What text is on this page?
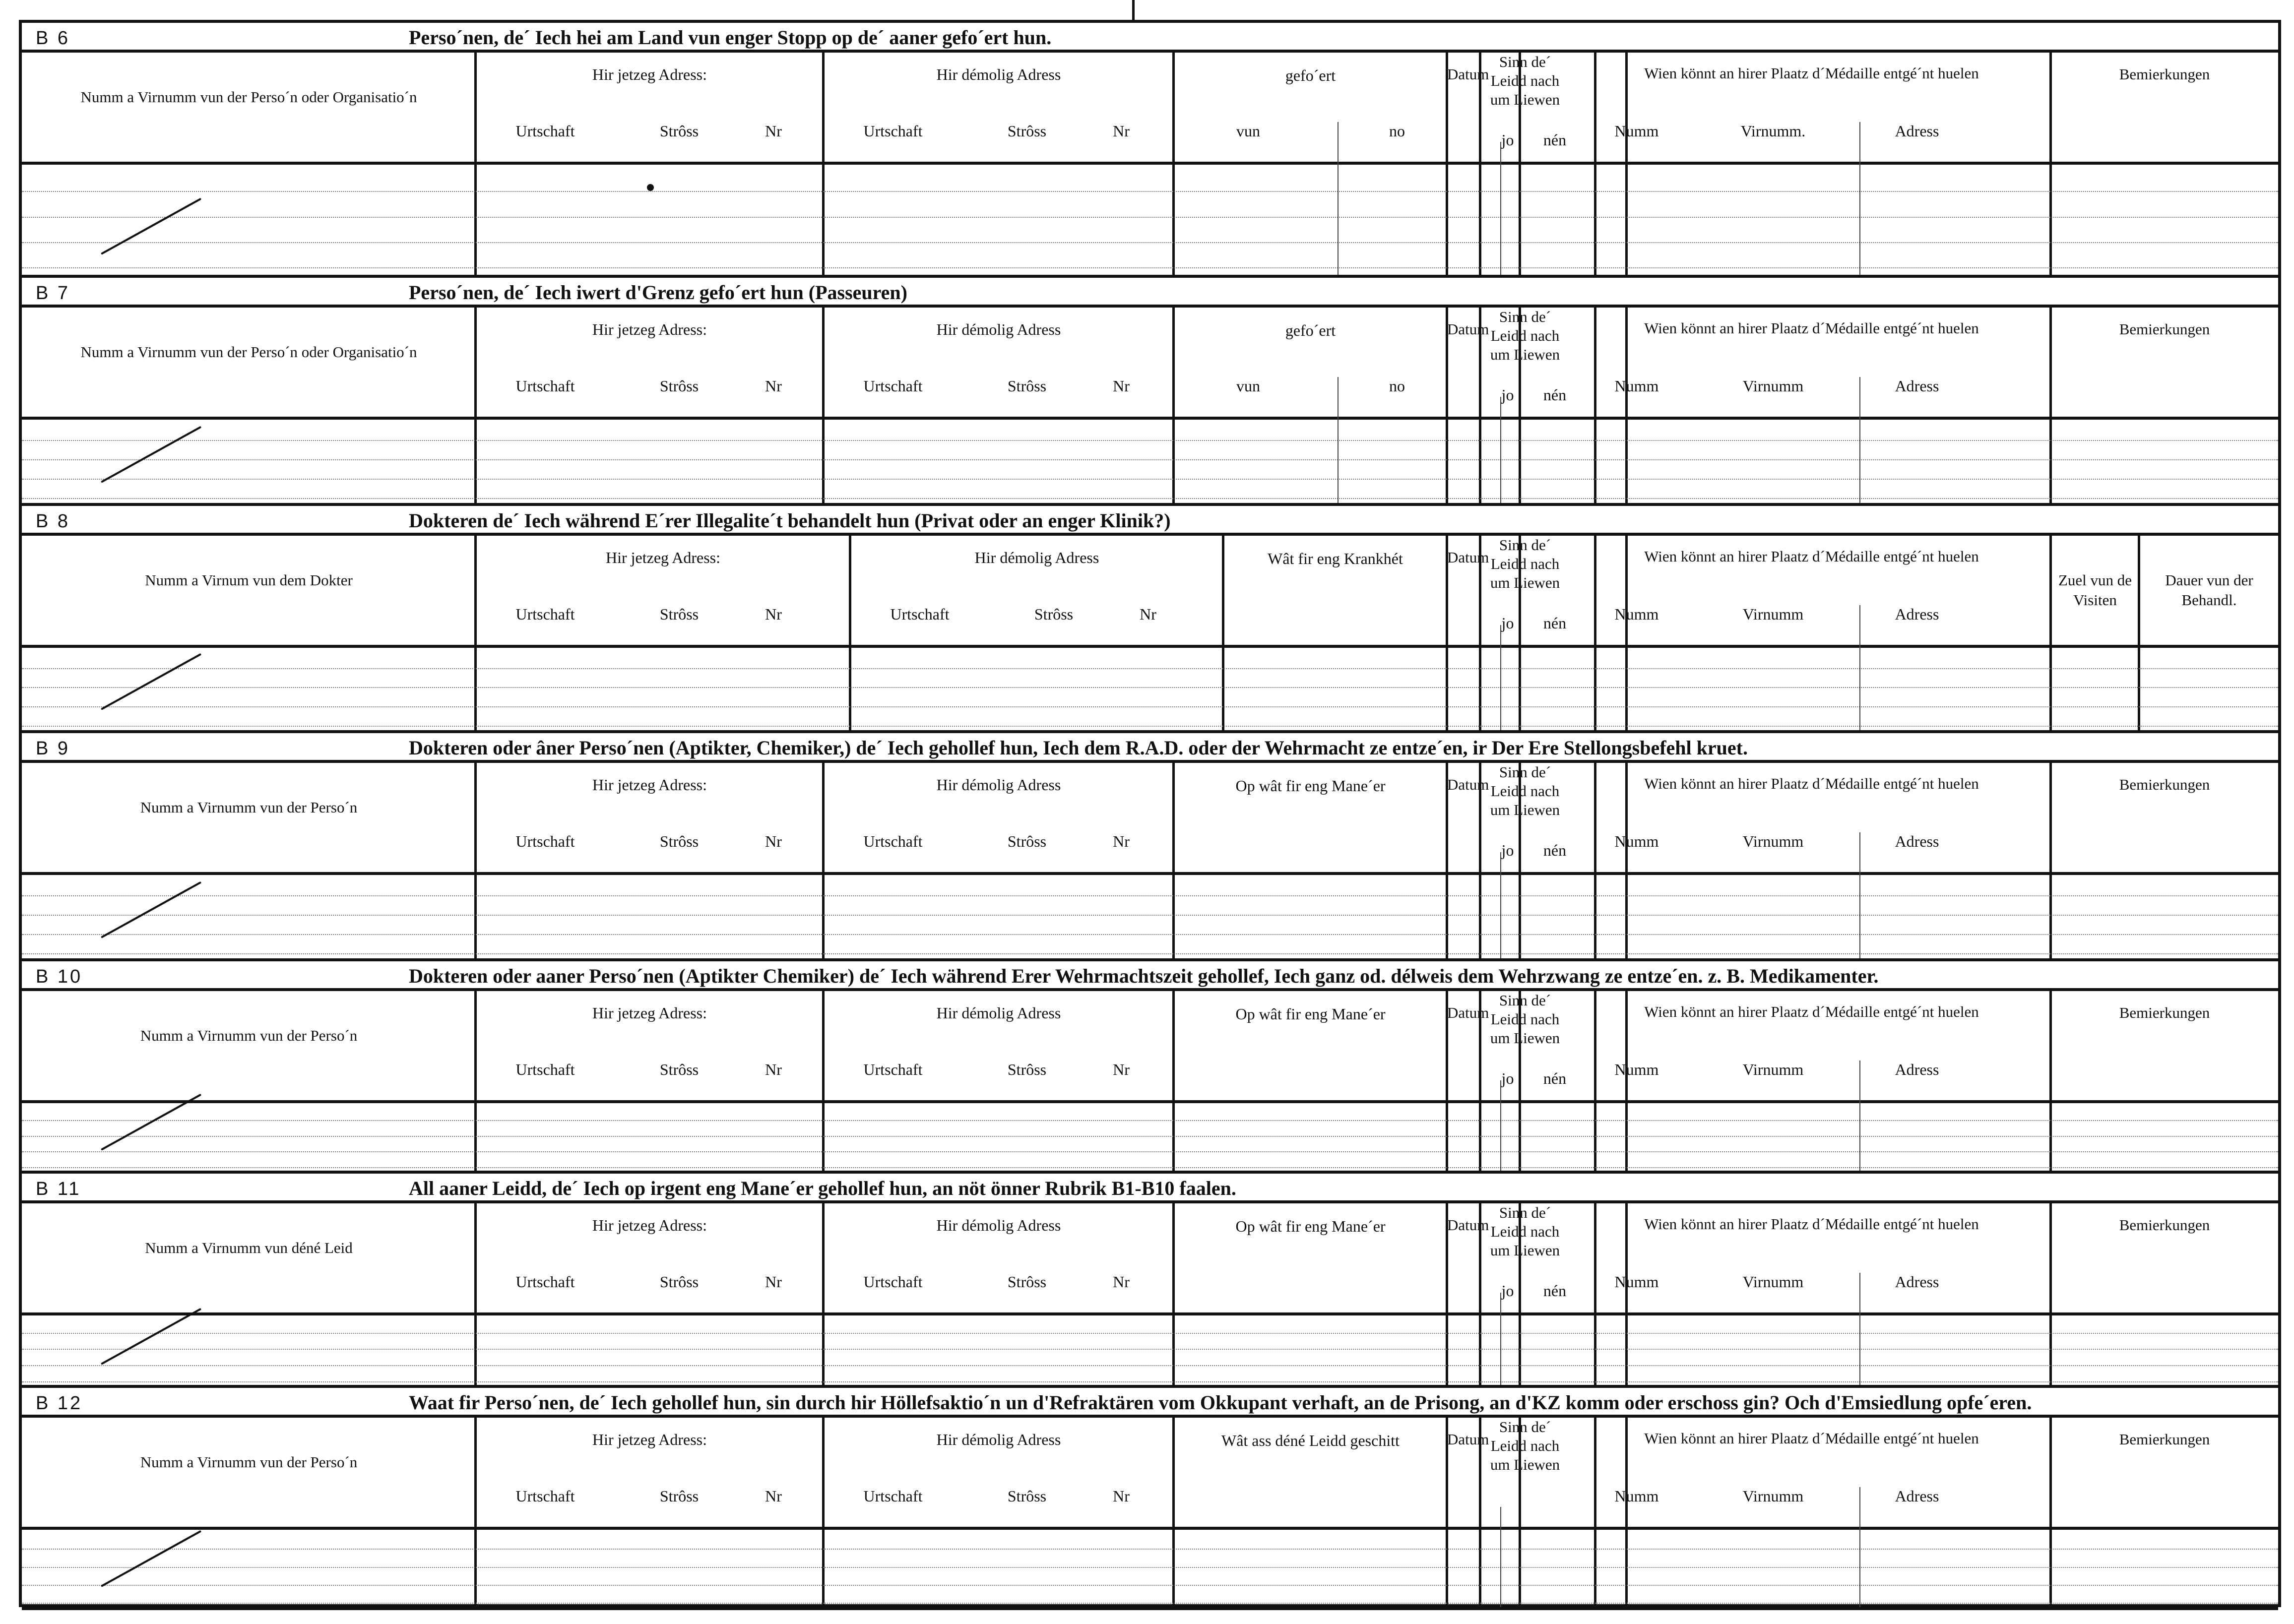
B 6	Perso´nen, de´ Iech hei am Land vun enger Stopp op de´ aaner gefo´ert hun.
Numm a Virnumm vun der Perso´n oder Organisatio´n
Hir jetzeg Adress:
Urtschaft	Strôss	Nr
Hir démolig Adress
Urtschaft	Strôss	Nr
gefo´ert
vun	no
Datum
Sinn de´ Leidd nach um Liewen
jo	nén
Wien könnt an hirer Plaatz d´Médaille entgé´nt huelen
Numm	Virnumm.	Adress
Bemierkungen
B 7	Perso´nen, de´ Iech iwert d'Grenz gefo´ert hun (Passeuren)
Numm a Virnumm vun der Perso´n oder Organisatio´n
Hir jetzeg Adress:
Urtschaft	Strôss	Nr
Hir démolig Adress
Urtschaft	Strôss	Nr
gefo´ert
vun	no
Datum
Sinn de´ Leidd nach um Liewen
jo	nén
Wien könnt an hirer Plaatz d´Médaille entgé´nt huelen
Numm	Virnumm	Adress
Bemierkungen
B 8	Dokteren de´ Iech während E´rer Illegalite´t behandelt hun (Privat oder an enger Klinik?)
Numm a Virnum vun dem Dokter
Hir jetzeg Adress:
Urtschaft	Strôss	Nr
Hir démolig Adress
Urtschaft	Strôss	Nr
Wât fir eng Krankhét	Datum
Sinn de´ Leidd nach um Liewen
jo	nén
Wien könnt an hirer Plaatz d´Médaille entgé´nt huelen
Numm	Virnumm	Adress
Zuel vun de Visiten
Dauer vun der Behandl.
B 9	Dokteren oder âner Perso´nen (Aptikter, Chemiker,) de´ Iech gehollef hun, Iech dem R.A.D. oder der Wehrmacht ze entze´en, ir Der Ere Stellongsbefehl kruet.
Numm a Virnumm vun der Perso´n
Hir jetzeg Adress:
Urtschaft	Strôss	Nr
Hir démolig Adress
Urtschaft	Strôss	Nr
Op wât fir eng Mane´er	Datum
Sinn de´ Leidd nach um Liewen
jo	nén
Wien könnt an hirer Plaatz d´Médaille entgé´nt huelen
Numm	Virnumm	Adress
Bemierkungen
B 10	Dokteren oder aaner Perso´nen (Aptikter Chemiker) de´ Iech während Erer Wehrmachtszeit gehollef, Iech ganz od. délweis dem Wehrzwang ze entze´en. z. B. Medikamenter.
Numm a Virnumm vun der Perso´n
Hir jetzeg Adress:
Urtschaft	Strôss	Nr
Hir démolig Adress
Urtschaft	Strôss	Nr
Op wât fir eng Mane´er	Datum
Sinn de´ Leidd nach um Liewen
jo	nén
Wien könnt an hirer Plaatz d´Médaille entgé´nt huelen
Numm	Virnumm	Adress
Bemierkungen
B 11	All aaner Leidd, de´ Iech op irgent eng Mane´er gehollef hun, an nöt önner Rubrik B1-B10 faalen.
Numm a Virnumm vun déné Leid
Hir jetzeg Adress:
Urtschaft	Strôss	Nr
Hir démolig Adress
Urtschaft	Strôss	Nr
Op wât fir eng Mane´er	Datum
Sinn de´ Leidd nach um Liewen
jo	nén
Wien könnt an hirer Plaatz d´Médaille entgé´nt huelen
Numm	Virnumm	Adress
Bemierkungen
B 12	Waat fir Perso´nen, de´ Iech gehollef hun, sin durch hir Höllefsaktio´n un d'Refraktären vom Okkupant verhaft, an de Prisong, an d'KZ komm oder erschoss gin? Och d'Emsiedlung opfe´eren.
Numm a Virnumm vun der Perso´n
Hir jetzeg Adress:
Urtschaft	Strôss	Nr
Hir démolig Adress
Urtschaft	Strôss	Nr
Wât ass déné Leidd geschitt	Datum
Sinn de´ Leidd nach um Liewen
Wien könnt an hirer Plaatz d´Médaille entgé´nt huelen
Numm	Virnumm	Adress
Bemierkungen
